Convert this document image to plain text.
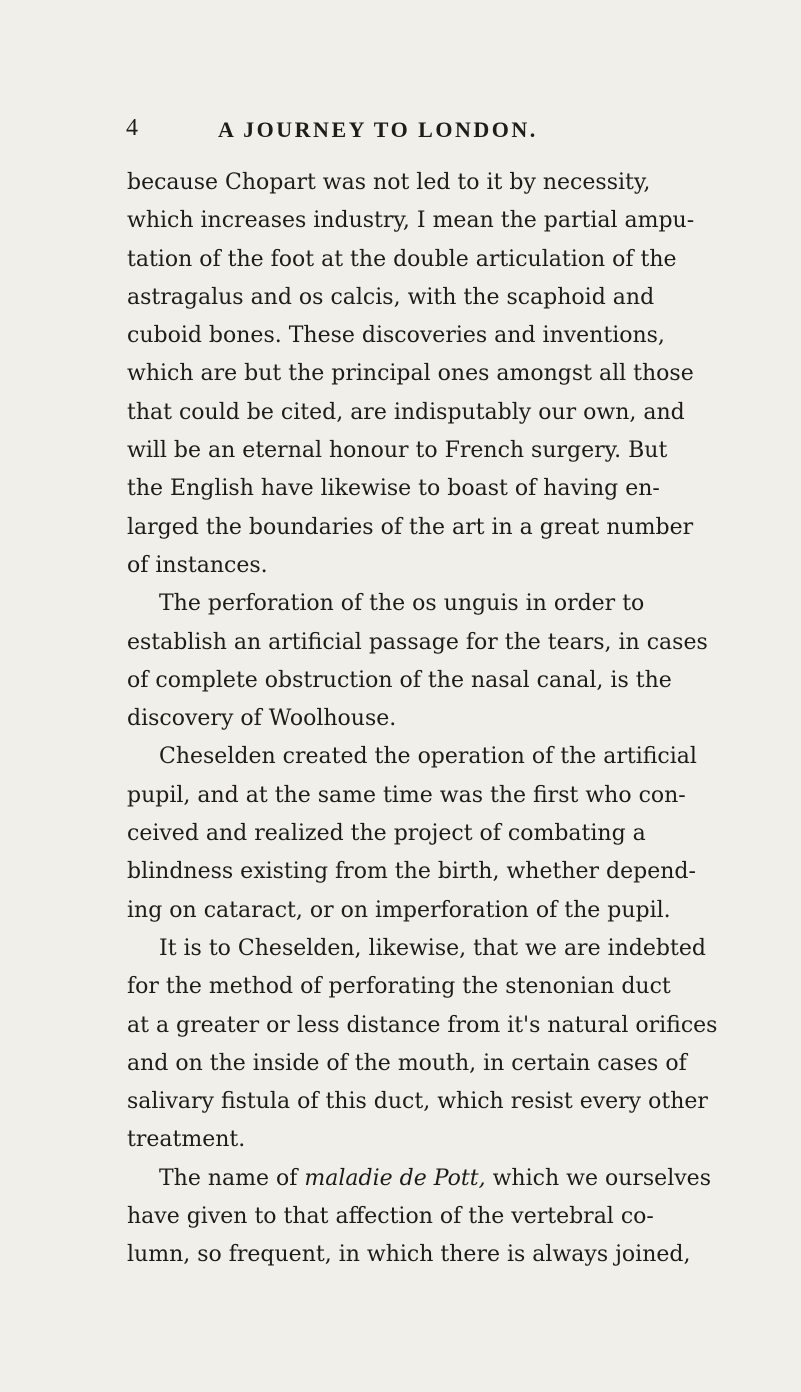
4	A JOURNEY TO LONDON.

because Chopart was not led to it by necessity,
which increases industry, I mean the partial ampu-
tation of the foot at the double articulation of the
astragalus and os calcis, with the scaphoid and
cuboid bones. These discoveries and inventions,
which are but the principal ones amongst all those
that could be cited, are indisputably our own, and
will be an eternal honour to French surgery. But
the English have likewise to boast of having en-
larged the boundaries of the art in a great number
of instances.

The perforation of the os unguis in order to
establish an artificial passage for the tears, in cases
of complete obstruction of the nasal canal, is the
discovery of Woolhouse.

Cheselden created the operation of the artificial
pupil, and at the same time was the first who con-
ceived and realized the project of combating a
blindness existing from the birth, whether depend-
ing on cataract, or on imperforation of the pupil.

It is to Cheselden, likewise, that we are indebted
for the method of perforating the stenonian duct
at a greater or less distance from it's natural orifices
and on the inside of the mouth, in certain cases of
salivary fistula of this duct, which resist every other
treatment.

The name of maladie de Pott, which we ourselves
have given to that affection of the vertebral co-
lumn, so frequent, in which there is always joined,
